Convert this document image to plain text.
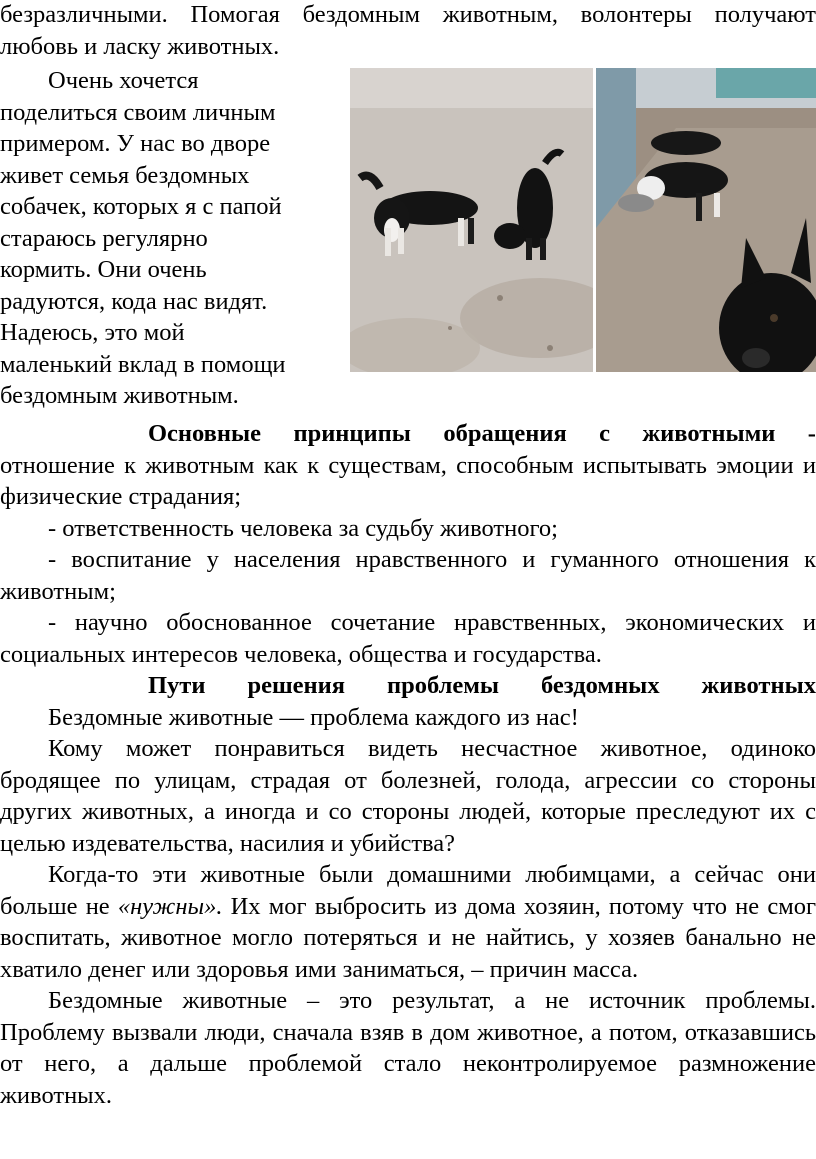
безразличными. Помогая бездомным животным, волонтеры получают любовь и ласку животных.

Очень хочется

поделиться своим личным

примером. У нас во дворе

живет семья бездомных

собачек, которых я с папой

стараюсь регулярно

кормить. Они очень

радуются, кода нас видят.

Надеюсь, это мой

маленький вклад в помощи

бездомным животным.

Основные принципы обращения с животными -

отношение к животным как к существам, способным испытывать эмоции и физические страдания;

- ответственность человека за судьбу животного;

- воспитание у населения нравственного и гуманного отношения к животным;

- научно обоснованное сочетание нравственных, экономических и социальных интересов человека, общества и государства.

Пути решения проблемы бездомных животных

Бездомные животные — проблема каждого из нас!

Кому может понравиться видеть несчастное животное, одиноко бродящее по улицам, страдая от болезней, голода, агрессии со стороны других животных, а иногда и со стороны людей, которые преследуют их с целью издевательства, насилия и убийства?

Когда-то эти животные были домашними любимцами, а сейчас они больше не «нужны». Их мог выбросить из дома хозяин, потому что не смог воспитать, животное могло потеряться и не найтись, у хозяев банально не хватило денег или здоровья ими заниматься, – причин масса.

Бездомные животные – это результат, а не источник проблемы. Проблему вызвали люди, сначала взяв в дом животное, а потом, отказавшись от него, а дальше проблемой стало неконтролируемое размножение животных.
